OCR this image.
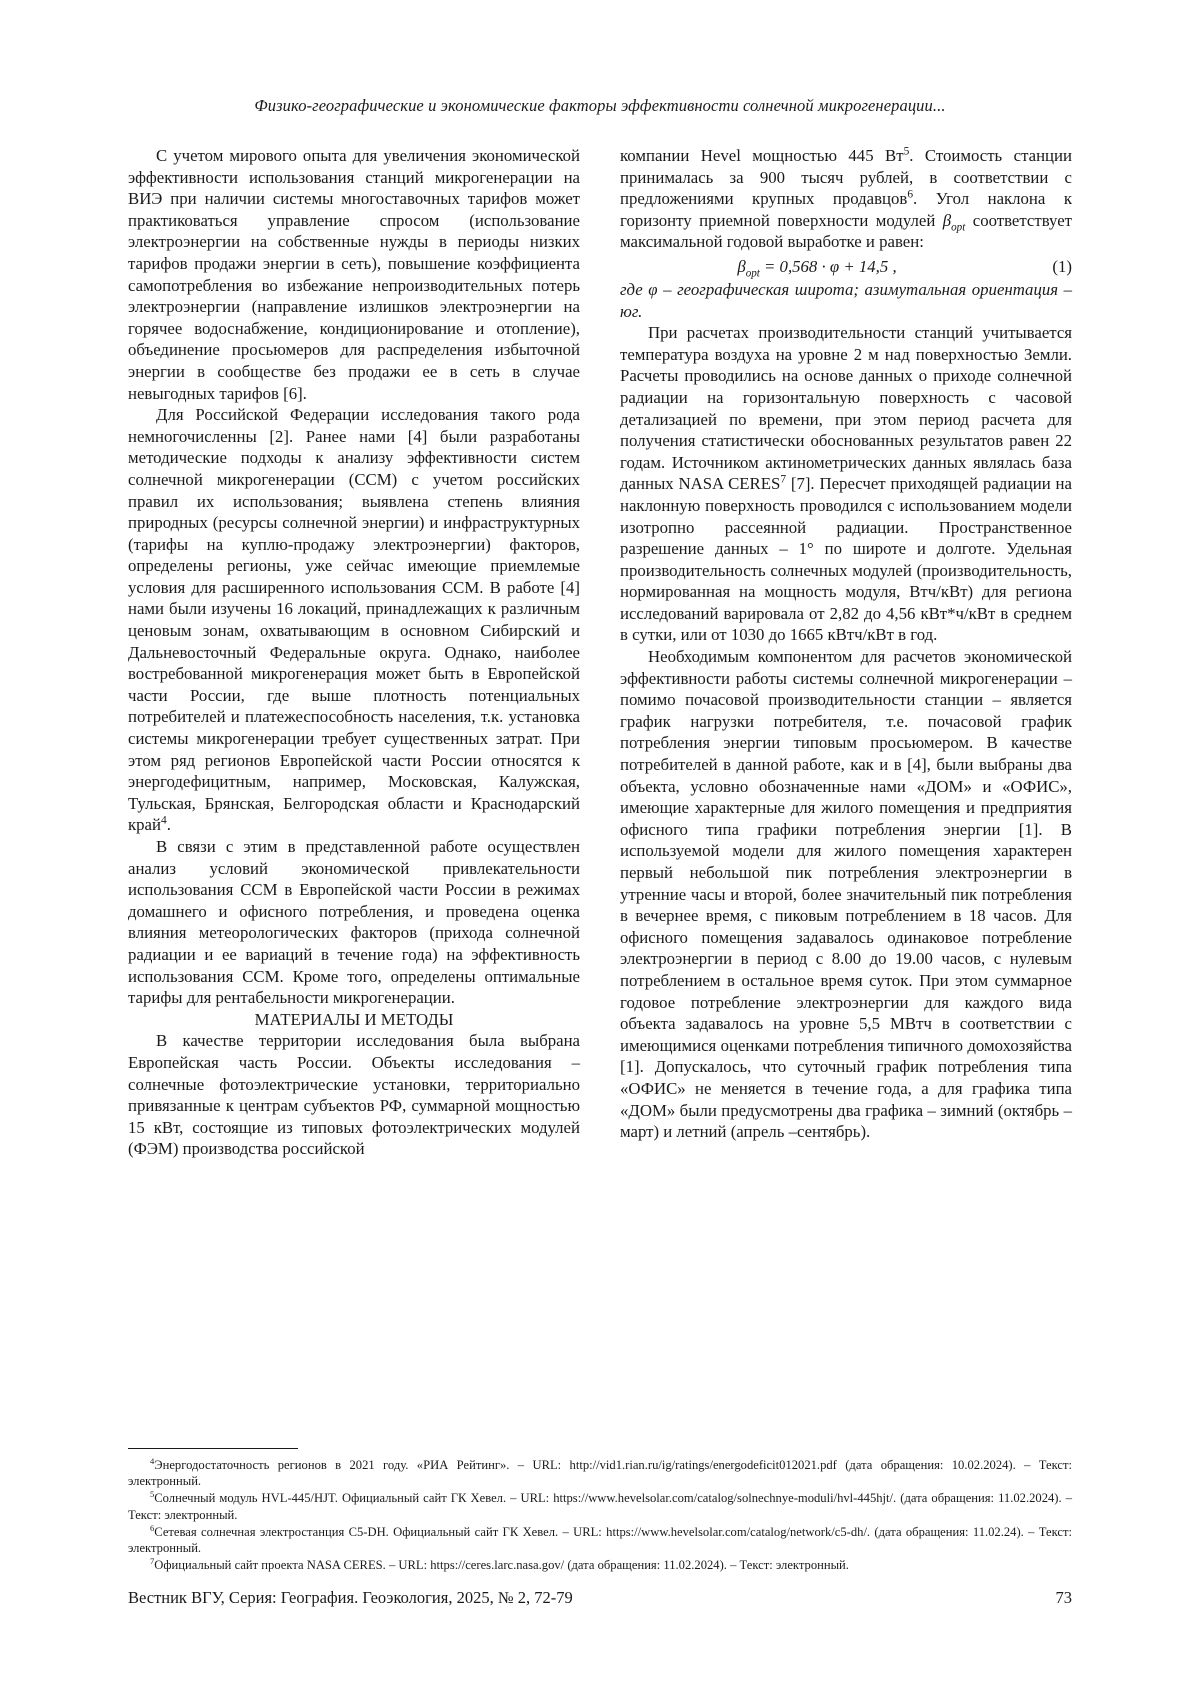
Физико-географические и экономические факторы эффективности солнечной микрогенерации...

С учетом мирового опыта для увеличения экономической эффективности использования станций микрогенерации на ВИЭ при наличии системы многоставочных тарифов может практиковаться управление спросом (использование электроэнергии на собственные нужды в периоды низких тарифов продажи энергии в сеть), повышение коэффициента самопотребления во избежание непроизводительных потерь электроэнергии (направление излишков электроэнергии на горячее водоснабжение, кондиционирование и отопление), объединение просьюмеров для распределения избыточной энергии в сообществе без продажи ее в сеть в случае невыгодных тарифов [6].

Для Российской Федерации исследования такого рода немногочисленны [2]. Ранее нами [4] были разработаны методические подходы к анализу эффективности систем солнечной микрогенерации (ССМ) с учетом российских правил их использования; выявлена степень влияния природных (ресурсы солнечной энергии) и инфраструктурных (тарифы на куплю-продажу электроэнергии) факторов, определены регионы, уже сейчас имеющие приемлемые условия для расширенного использования ССМ. В работе [4] нами были изучены 16 локаций, принадлежащих к различным ценовым зонам, охватывающим в основном Сибирский и Дальневосточный Федеральные округа. Однако, наиболее востребованной микрогенерация может быть в Европейской части России, где выше плотность потенциальных потребителей и платежеспособность населения, т.к. установка системы микрогенерации требует существенных затрат. При этом ряд регионов Европейской части России относятся к энергодефицитным, например, Московская, Калужская, Тульская, Брянская, Белгородская области и Краснодарский край$^4$.

В связи с этим в представленной работе осуществлен анализ условий экономической привлекательности использования ССМ в Европейской части России в режимах домашнего и офисного потребления, и проведена оценка влияния метеорологических факторов (прихода солнечной радиации и ее вариаций в течение года) на эффективность использования ССМ. Кроме того, определены оптимальные тарифы для рентабельности микрогенерации.

МАТЕРИАЛЫ И МЕТОДЫ

В качестве территории исследования была выбрана Европейская часть России. Объекты исследования – солнечные фотоэлектрические установки, территориально привязанные к центрам субъектов РФ, суммарной мощностью 15 кВт, состоящие из типовых фотоэлектрических модулей (ФЭМ) производства российской

компании Hevel мощностью 445 $Вт^5$. Стоимость станции принималась за 900 тысяч рублей, в соответствии с предложениями крупных продавцов$^6$. Угол наклона к горизонту приемной поверхности модулей $\beta_{opt}$ соответствует максимальной годовой выработке и равен:

$\beta_{opt} = 0,568 \cdot \varphi + 14,5$ ,	(1)

где φ – географическая широта; азимутальная ориентация – юг.

При расчетах производительности станций учитывается температура воздуха на уровне 2 м над поверхностью Земли. Расчеты проводились на основе данных о приходе солнечной радиации на горизонтальную поверхность с часовой детализацией по времени, при этом период расчета для получения статистически обоснованных результатов равен 22 годам. Источником актинометрических данных являлась база данных NASA CERES$^7$ [7]. Пересчет приходящей радиации на наклонную поверхность проводился с использованием модели изотропно рассеянной радиации. Пространственное разрешение данных – 1° по широте и долготе. Удельная производительность солнечных модулей (производительность, нормированная на мощность модуля, Втч/кВт) для региона исследований варировала от 2,82 до 4,56 кВт*ч/кВт в среднем в сутки, или от 1030 до 1665 кВтч/кВт в год.

Необходимым компонентом для расчетов экономической эффективности работы системы солнечной микрогенерации – помимо почасовой производительности станции – является график нагрузки потребителя, т.е. почасовой график потребления энергии типовым просьюмером. В качестве потребителей в данной работе, как и в [4], были выбраны два объекта, условно обозначенные нами «ДОМ» и «ОФИС», имеющие характерные для жилого помещения и предприятия офисного типа графики потребления энергии [1]. В используемой модели для жилого помещения характерен первый небольшой пик потребления электроэнергии в утренние часы и второй, более значительный пик потребления в вечернее время, с пиковым потреблением в 18 часов. Для офисного помещения задавалось одинаковое потребление электроэнергии в период с 8.00 до 19.00 часов, с нулевым потреблением в остальное время суток. При этом суммарное годовое потребление электроэнергии для каждого вида объекта задавалось на уровне 5,5 МВтч в соответствии с имеющимися оценками потребления типичного домохозяйства [1]. Допускалось, что суточный график потребления типа «ОФИС» не меняется в течение года, а для графика типа «ДОМ» были предусмотрены два графика – зимний (октябрь – март) и летний (апрель –сентябрь).

$^4$Энергодостаточность регионов в 2021 году. «РИА Рейтинг». – URL: http://vid1.rian.ru/ig/ratings/energodeficit012021.pdf (дата обращения: 10.02.2024). – Текст: электронный.

$^5$Солнечный модуль HVL-445/HJT. Официальный сайт ГК Хевел. – URL: https://www.hevelsolar.com/catalog/solnechnye-moduli/hvl-445hjt/. (дата обращения: 11.02.2024). – Текст: электронный.

$^6$Сетевая солнечная электростанция C5-DH. Официальный сайт ГК Хевел. – URL: https://www.hevelsolar.com/catalog/network/c5-dh/. (дата обращения: 11.02.24). – Текст: электронный.

$^7$Официальный сайт проекта NASA CERES. – URL: https://ceres.larc.nasa.gov/ (дата обращения: 11.02.2024). – Текст: электронный.

Вестник ВГУ, Серия: География. Геоэкология, 2025, № 2, 72-79	73
